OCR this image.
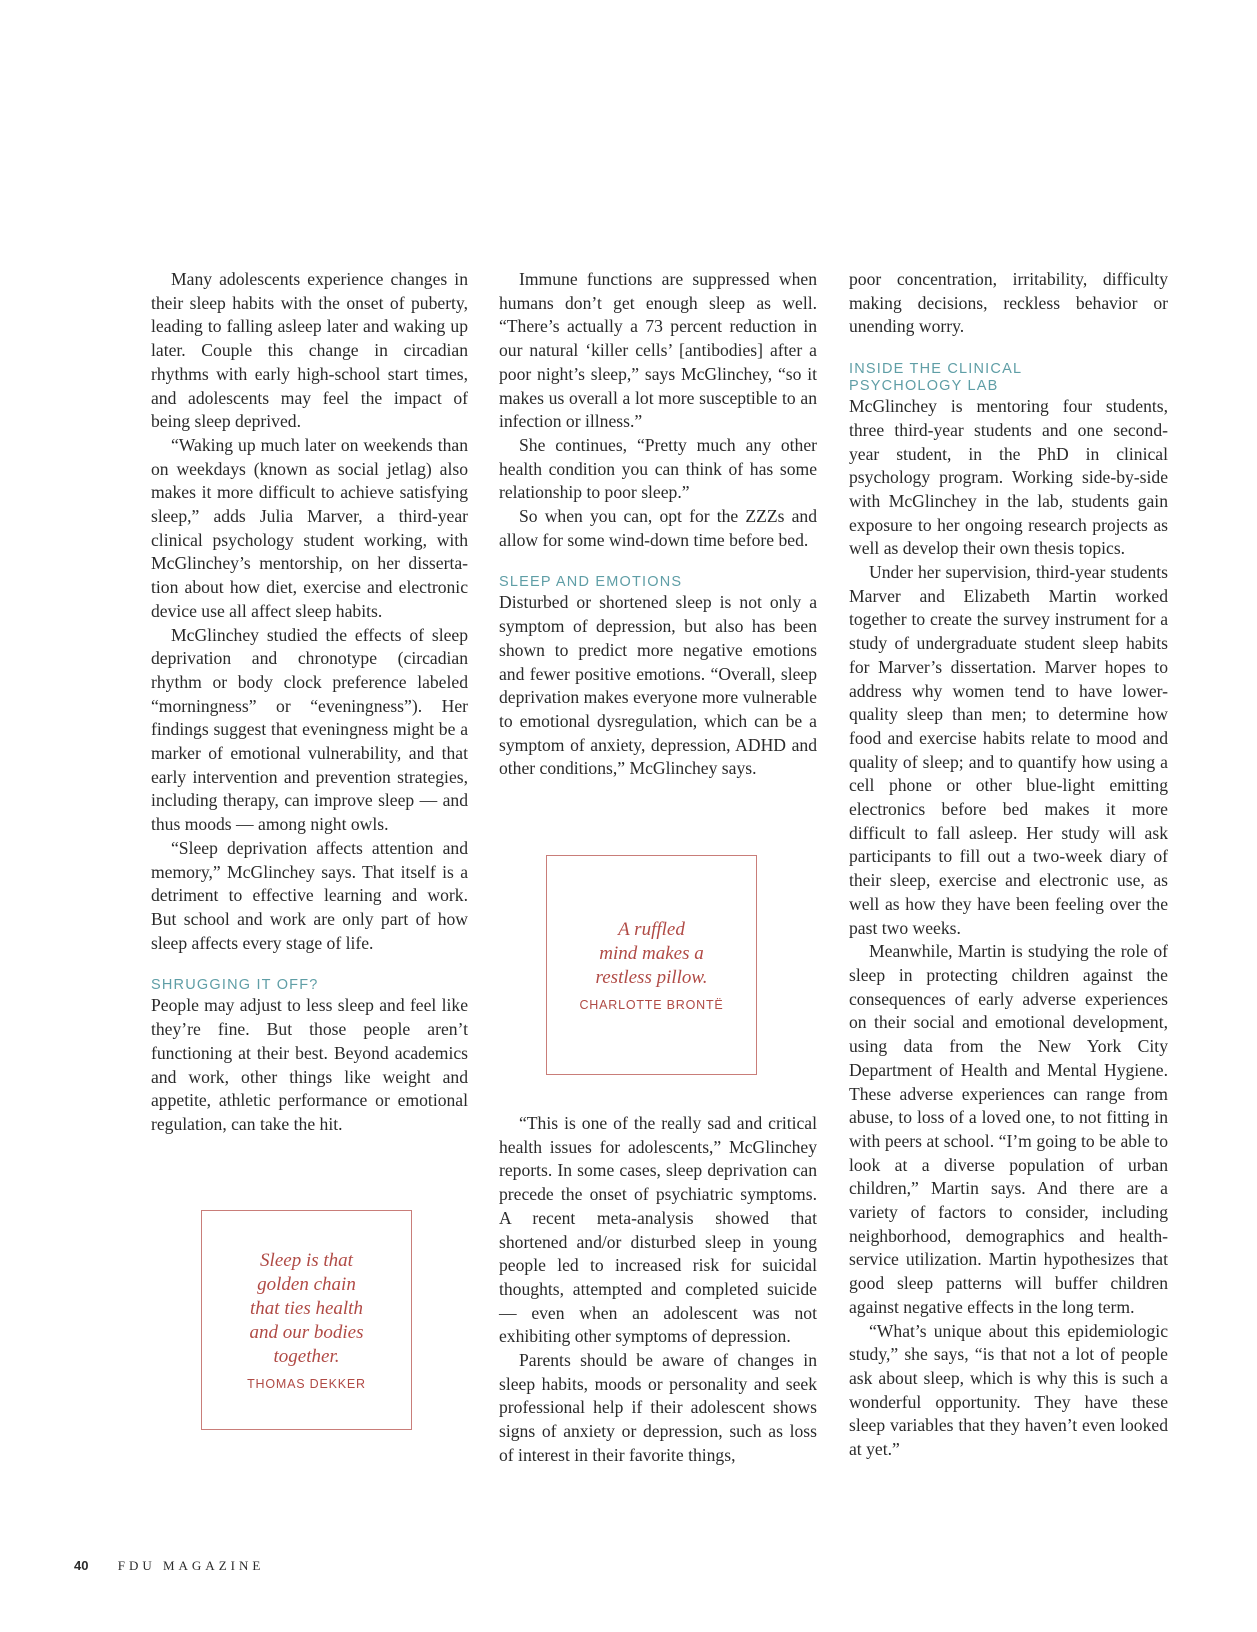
Many adolescents experience changes in their sleep habits with the onset of puberty, leading to falling asleep later and waking up later. Couple this change in circadian rhythms with early high-school start times, and adolescents may feel the impact of being sleep deprived.

“Waking up much later on weekends than on weekdays (known as social jetlag) also makes it more difficult to achieve satisfying sleep,” adds Julia Marver, a third-year clinical psychology student working, with McGlinchey’s mentorship, on her dissertation about how diet, exercise and electronic device use all affect sleep habits.

McGlinchey studied the effects of sleep deprivation and chronotype (circadian rhythm or body clock preference labeled “morningness” or “eveningness”). Her findings suggest that eveningness might be a marker of emotional vulnerability, and that early intervention and prevention strategies, including therapy, can improve sleep — and thus moods — among night owls.

“Sleep deprivation affects attention and memory,” McGlinchey says. That itself is a detriment to effective learning and work. But school and work are only part of how sleep affects every stage of life.

SHRUGGING IT OFF?

People may adjust to less sleep and feel like they’re fine. But those people aren’t functioning at their best. Beyond academics and work, other things like weight and appetite, athletic performance or emotional regulation, can take the hit.

Immune functions are suppressed when humans don’t get enough sleep as well. “There’s actually a 73 percent reduction in our natural ‘killer cells’ [antibodies] after a poor night’s sleep,” says McGlinchey, “so it makes us overall a lot more susceptible to an infection or illness.”

She continues, “Pretty much any other health condition you can think of has some relationship to poor sleep.”

So when you can, opt for the ZZZs and allow for some wind-down time before bed.

SLEEP AND EMOTIONS

Disturbed or shortened sleep is not only a symptom of depression, but also has been shown to predict more negative emotions and fewer positive emotions. “Overall, sleep deprivation makes everyone more vulnerable to emotional dysregulation, which can be a symptom of anxiety, depression, ADHD and other conditions,” McGlinchey says.

“This is one of the really sad and critical health issues for adolescents,” McGlinchey reports. In some cases, sleep deprivation can precede the onset of psychiatric symptoms. A recent meta-analysis showed that shortened and/or disturbed sleep in young people led to increased risk for suicidal thoughts, attempted and completed suicide — even when an adolescent was not exhibiting other symptoms of depression.

Parents should be aware of changes in sleep habits, moods or personality and seek professional help if their adolescent shows signs of anxiety or depression, such as loss of interest in their favorite things,

poor concentration, irritability, difficulty making decisions, reckless behavior or unending worry.

INSIDE THE CLINICAL
PSYCHOLOGY LAB

McGlinchey is mentoring four students, three third-year students and one second-year student, in the PhD in clinical psychology program. Working side-by-side with McGlinchey in the lab, students gain exposure to her ongoing research projects as well as develop their own thesis topics.

Under her supervision, third-year students Marver and Elizabeth Martin worked together to create the survey instrument for a study of undergraduate student sleep habits for Marver’s dissertation. Marver hopes to address why women tend to have lower-quality sleep than men; to determine how food and exercise habits relate to mood and quality of sleep; and to quantify how using a cell phone or other blue-light emitting electronics before bed makes it more difficult to fall asleep. Her study will ask participants to fill out a two-week diary of their sleep, exercise and electronic use, as well as how they have been feeling over the past two weeks.

Meanwhile, Martin is studying the role of sleep in protecting children against the consequences of early adverse experiences on their social and emotional development, using data from the New York City Department of Health and Mental Hygiene. These adverse experiences can range from abuse, to loss of a loved one, to not fitting in with peers at school. “I’m going to be able to look at a diverse population of urban children,” Martin says. And there are a variety of factors to consider, including neighborhood, demographics and health-service utilization. Martin hypothesizes that good sleep patterns will buffer children against negative effects in the long term.

“What’s unique about this epidemiologic study,” she says, “is that not a lot of people ask about sleep, which is why this is such a wonderful opportunity. They have these sleep variables that they haven’t even looked at yet.”

A ruffled
mind makes a
restless pillow.

CHARLOTTE BRONTË

Sleep is that
golden chain
that ties health
and our bodies
together.

THOMAS DEKKER
40 FDU MAGAZINE
